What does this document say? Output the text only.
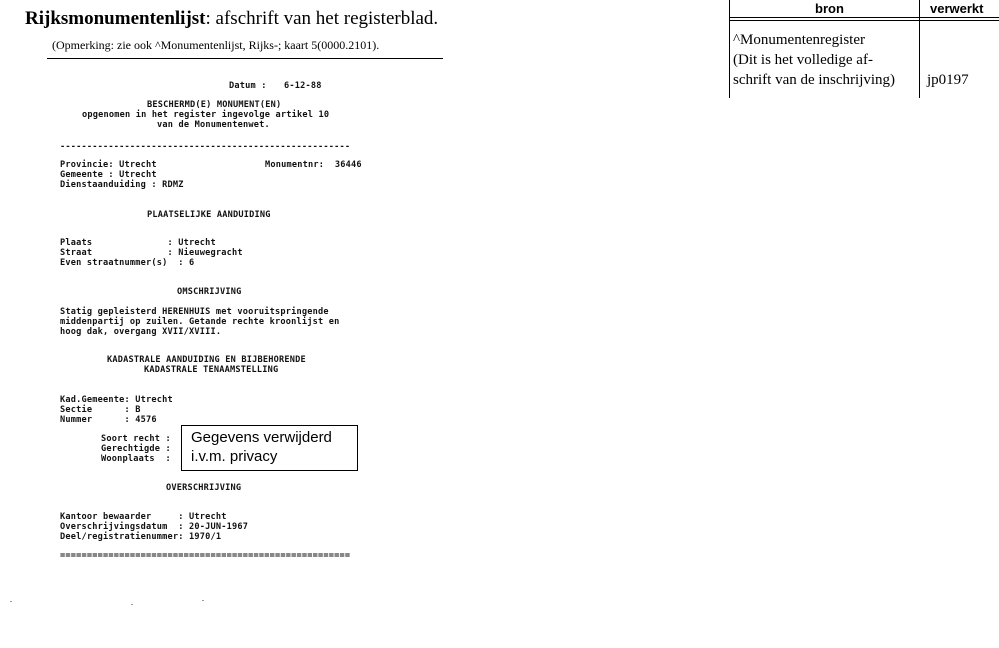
Rijksmonumentenlijst: afschrift van het registerblad.
(Opmerking: zie ook ^Monumentenlijst, Rijks-; kaart 5(0000.2101).
Datum : 6-12-88
BESCHERMD(E) MONUMENT(EN)
opgenomen in het register ingevolge artikel 10
van de Monumentenwet.
------------------------------------------------------
Provincie: Utrecht	Monumentnr:  36446
Gemeente : Utrecht
Dienstaanduiding : RDMZ
PLAATSELIJKE AANDUIDING
Plaats              : Utrecht
Straat              : Nieuwegracht
Even straatnummer(s)  : 6
OMSCHRIJVING
Statig gepleisterd HERENHUIS met vooruitspringende
middenpartij op zuilen. Getande rechte kroonlijst en
hoog dak, overgang XVII/XVIII.
KADASTRALE AANDUIDING EN BIJBEHORENDE
KADASTRALE TENAAMSTELLING
Kad.Gemeente: Utrecht
Sectie      : B
Nummer      : 4576
Soort recht :
Gerechtigde :
Woonplaats  :
Gegevens verwijderd
i.v.m. privacy
OVERSCHRIJVING
Kantoor bewaarder     : Utrecht
Overschrijvingsdatum  : 20-JUN-1967
Deel/registratienummer: 1970/1
======================================================
bron	verwerkt
^Monumentenregister
(Dit is het volledige af-
schrift van de inschrijving) jp0197
